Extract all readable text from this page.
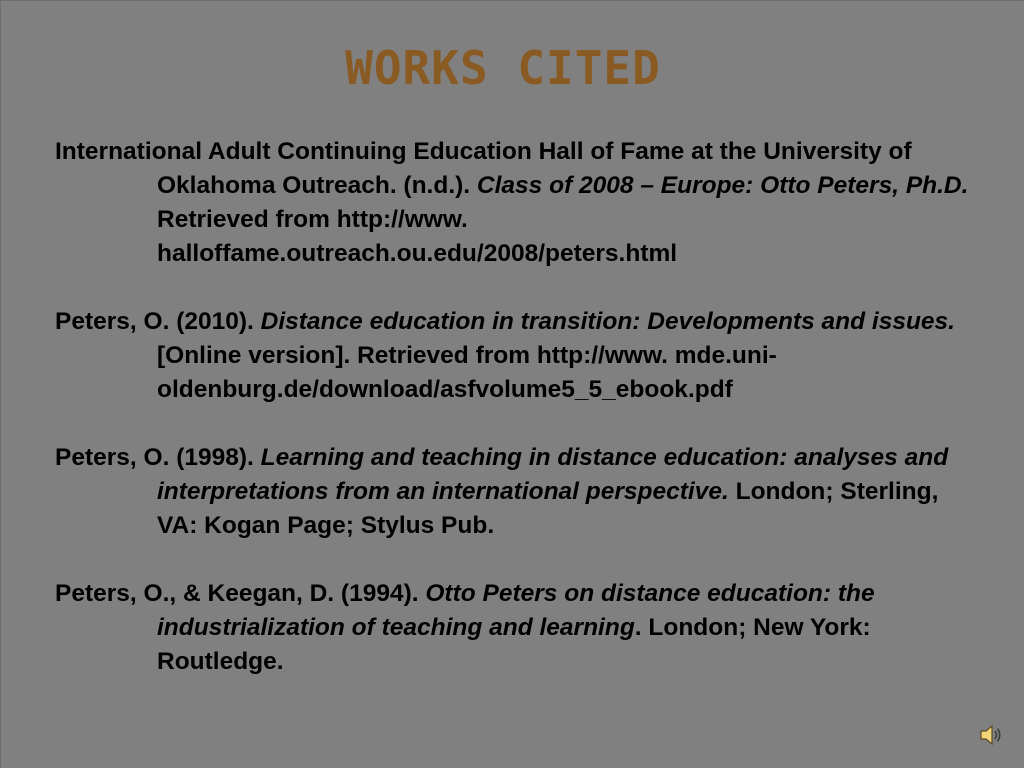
WORKS CITED

International Adult Continuing Education Hall of Fame at the University of Oklahoma Outreach. (n.d.). Class of 2008 – Europe: Otto Peters, Ph.D. Retrieved from http://www. halloffame.outreach.ou.edu/2008/peters.html

Peters, O. (2010). Distance education in transition: Developments and issues. [Online version]. Retrieved from http://www. mde.uni-oldenburg.de/download/asfvolume5_5_ebook.pdf

Peters, O. (1998). Learning and teaching in distance education: analyses and interpretations from an international perspective. London; Sterling, VA: Kogan Page; Stylus Pub.

Peters, O., & Keegan, D. (1994). Otto Peters on distance education: the industrialization of teaching and learning. London; New York: Routledge.
